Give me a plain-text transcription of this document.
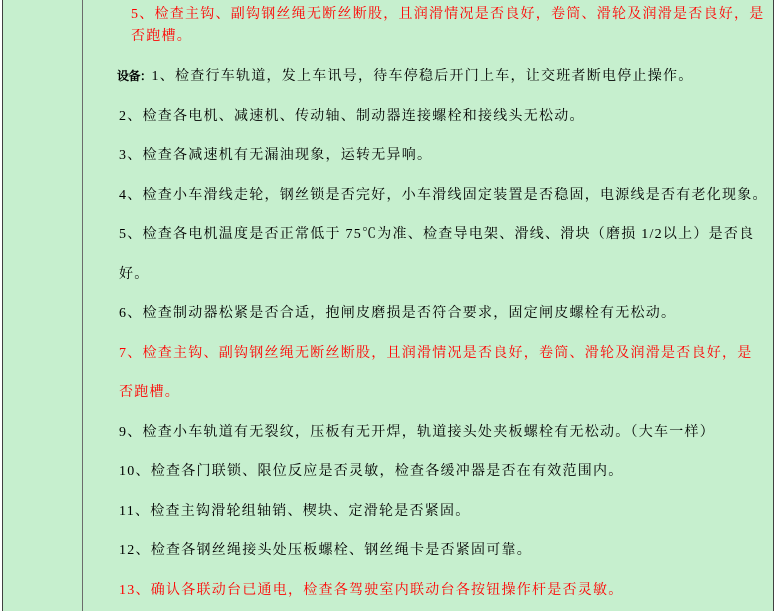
5、检查主钩、副钩钢丝绳无断丝断股，且润滑情况是否良好，卷筒、滑轮及润滑是否良好，是
否跑槽。
设备：1、检查行车轨道，发上车讯号，待车停稳后开门上车，让交班者断电停止操作。
2、检查各电机、减速机、传动轴、制动器连接螺栓和接线头无松动。
3、检查各减速机有无漏油现象，运转无异响。
4、检查小车滑线走轮，钢丝锁是否完好，小车滑线固定装置是否稳固，电源线是否有老化现象。
5、检查各电机温度是否正常低于 75℃为准、检查导电架、滑线、滑块（磨损 1/2以上）是否良
好。
6、检查制动器松紧是否合适，抱闸皮磨损是否符合要求，固定闸皮螺栓有无松动。
7、检查主钩、副钩钢丝绳无断丝断股，且润滑情况是否良好，卷筒、滑轮及润滑是否良好，是
否跑槽。
9、检查小车轨道有无裂纹，压板有无开焊，轨道接头处夹板螺栓有无松动。（大车一样）
10、检查各门联锁、限位反应是否灵敏，检查各缓冲器是否在有效范围内。
11、检查主钩滑轮组轴销、楔块、定滑轮是否紧固。
12、检查各钢丝绳接头处压板螺栓、钢丝绳卡是否紧固可靠。
13、确认各联动台已通电，检查各驾驶室内联动台各按钮操作杆是否灵敏。
